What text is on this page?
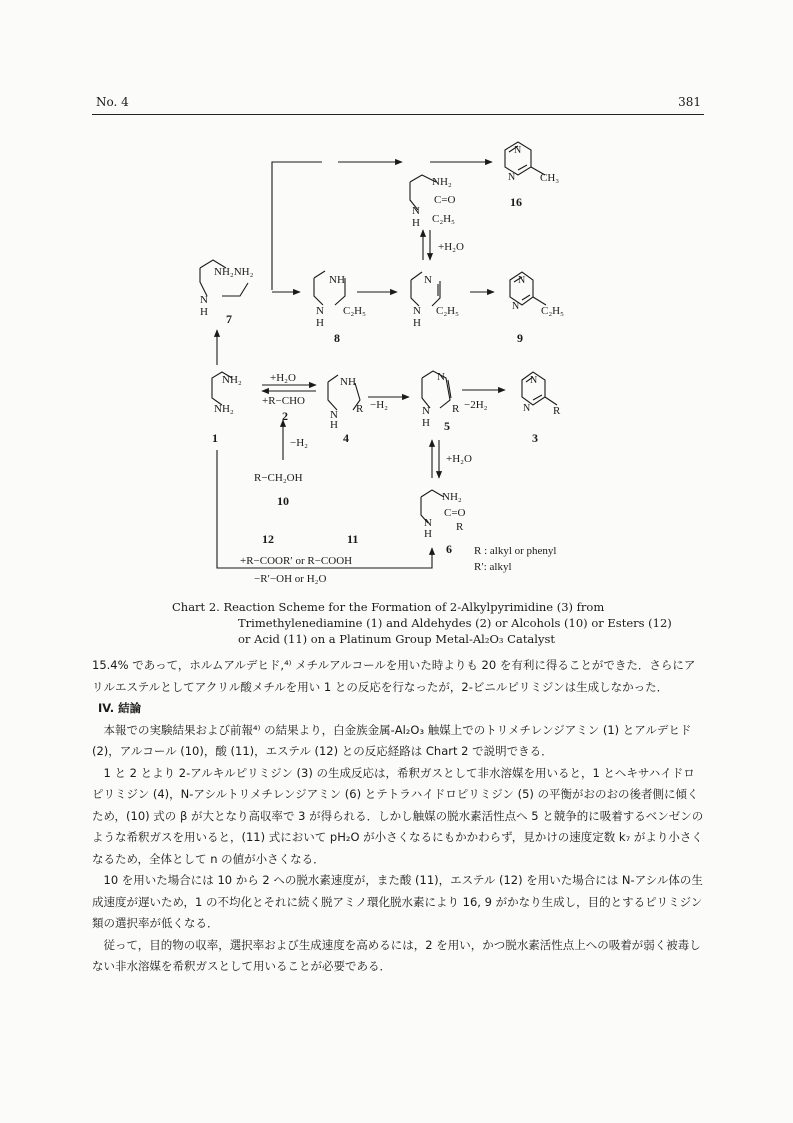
No. 4	381
NH₂
C=O
N
H C₂H₅
N
N CH₃
16
+H₂O
NH₂NH₂
N
H 7
NH
N
H
C₂H₅
8
N
N
H
C₂H₅
N
N C₂H₅
9
NH₂
NH₂
1
+H₂O
+R−CHO
2
−H₂
R−CH₂OH
10
NH
R
N
H
4
−H₂
N
N
H
R
5
−2H₂
+H₂O
N
N R
3
NH₂
C=O
N
H
R
6
12	11
+R−COOR′ or R−COOH
−R′−OH or H₂O
R : alkyl or phenyl
R′: alkyl
Chart 2. Reaction Scheme for the Formation of 2-Alkylpyrimidine (3) from
Trimethylenediamine (1) and Aldehydes (2) or Alcohols (10) or Esters (12)
or Acid (11) on a Platinum Group Metal-Al₂O₃ Catalyst

15.4% であって，ホルムアルデヒド,⁴⁾ メチルアルコールを用いた時よりも 20 を有利に得ることができた．さらにアリルエステルとしてアクリル酸メチルを用い 1 との反応を行なったが，2-ビニルピリミジンは生成しなかった．

IV. 結論

本報での実験結果および前報⁴⁾ の結果より，白金族金属-Al₂O₃ 触媒上でのトリメチレンジアミン (1) とアルデヒド (2)，アルコール (10)，酸 (11)，エステル (12) との反応経路は Chart 2 で説明できる．

1 と 2 とより 2-アルキルピリミジン (3) の生成反応は，希釈ガスとして非水溶媒を用いると，1 とヘキサハイドロピリミジン (4)，N-アシルトリメチレンジアミン (6) とテトラハイドロピリミジン (5) の平衡がおのおの後者側に傾くため，(10) 式の β が大となり高収率で 3 が得られる．しかし触媒の脱水素活性点へ 5 と競争的に吸着するベンゼンのような希釈ガスを用いると，(11) 式において pH₂O が小さくなるにもかかわらず，見かけの速度定数 k₇ がより小さくなるため，全体として n の値が小さくなる．

10 を用いた場合には 10 から 2 への脱水素速度が，また酸 (11)，エステル (12) を用いた場合には N-アシル体の生成速度が遅いため，1 の不均化とそれに続く脱アミノ環化脱水素により 16, 9 がかなり生成し，目的とするピリミジン類の選択率が低くなる．

従って，目的物の収率，選択率および生成速度を高めるには，2 を用い，かつ脱水素活性点上への吸着が弱く被毒しない非水溶媒を希釈ガスとして用いることが必要である．
